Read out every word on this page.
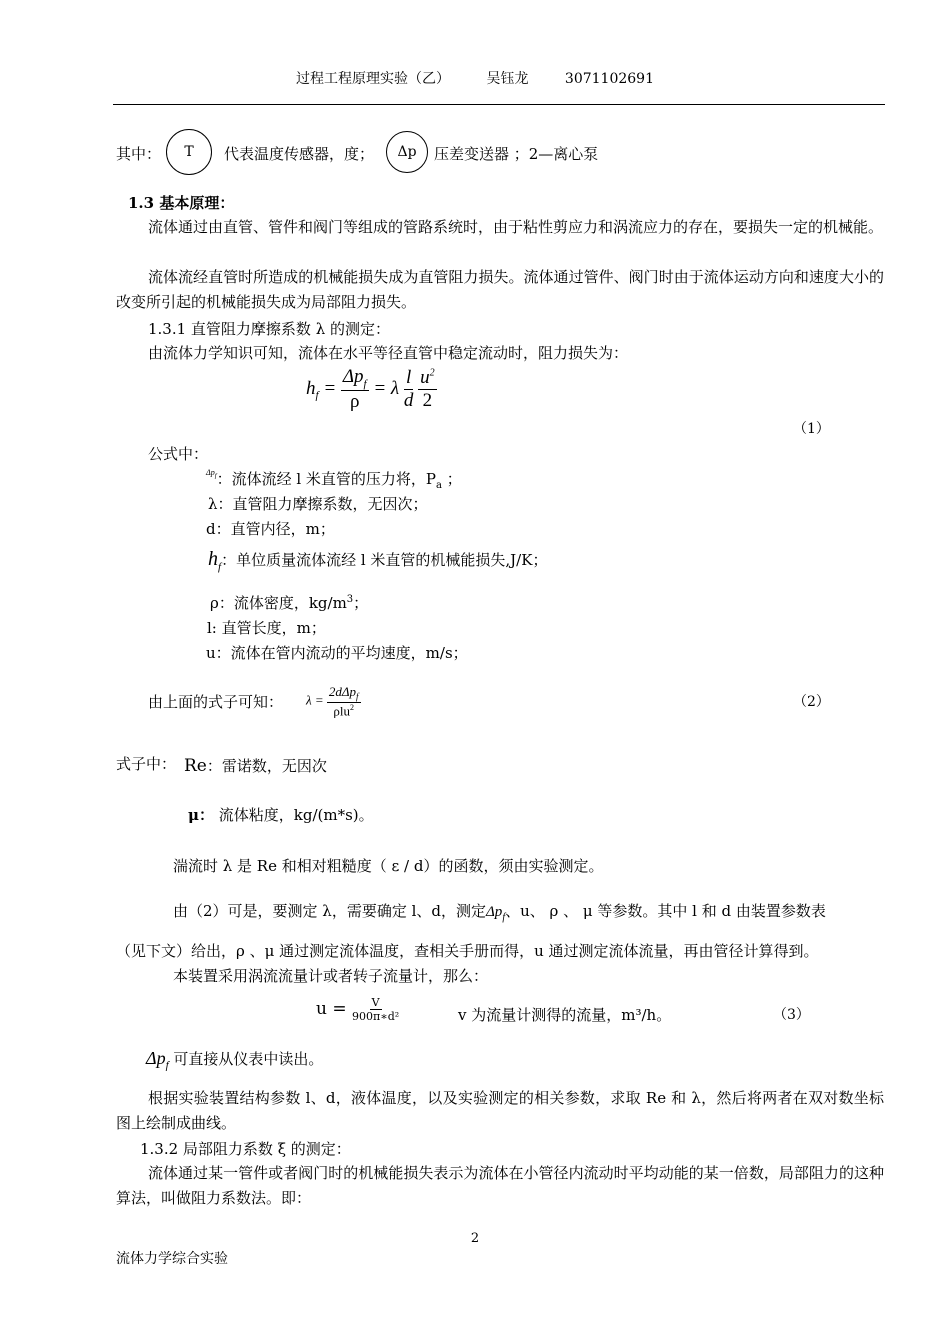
过程工程原理实验（乙）	吴钰龙	3071102691
其中： T 代表温度传感器，度； Δp 压差变送器 ；2—离心泵
1.3 基本原理：
流体通过由直管、管件和阀门等组成的管路系统时，由于粘性剪应力和涡流应力的存在，要损失一定的机械能。
流体流经直管时所造成的机械能损失成为直管阻力损失。流体通过管件、阀门时由于流体运动方向和速度大小的改变所引起的机械能损失成为局部阻力损失。
1.3.1 直管阻力摩擦系数 λ 的测定：
由流体力学知识可知，流体在水平等径直管中稳定流动时，阻力损失为：
$h_f = \frac{\Delta p_f}{\rho} = \lambda \frac{l}{d}$
$\frac{u^2}{2}$
（1）
公式中：
$^{\Delta p_f}$：流体流经 l 米直管的压力将，$P_a$ ；
λ：直管阻力摩擦系数，无因次；
d：直管内径，m；
$h_f$：单位质量流体流经 l 米直管的机械能损失,J/K；
ρ：流体密度，$kg/m^3$；
l: 直管长度，m；
u：流体在管内流动的平均速度，m/s；
由上面的式子可知： $\lambda = \frac{2d\Delta p_f}{\rho lu^2}$	（2）
式子中： Re：雷诺数，无因次
μ： 流体粘度，kg/(m*s)。
湍流时 λ 是 Re 和相对粗糙度（ ε / d）的函数，须由实验测定。
由（2）可是，要测定 λ，需要确定 l、d，测定$\Delta p_f$、u、 ρ 、 μ 等参数。其中 l 和 d 由装置参数表
（见下文）给出，ρ 、μ 通过测定流体温度，查相关手册而得，u 通过测定流体流量，再由管径计算得到。
本装置采用涡流流量计或者转子流量计，那么：
$u = \frac{V}{\text{900π∗d²}}$	v 为流量计测得的流量，m³/h。	（3）
$\Delta p_f$ 可直接从仪表中读出。
根据实验装置结构参数 l、d，液体温度，以及实验测定的相关参数，求取 Re 和 λ，然后将两者在双对数坐标图上绘制成曲线。
1.3.2 局部阻力系数 ξ 的测定：
流体通过某一管件或者阀门时的机械能损失表示为流体在小管径内流动时平均动能的某一倍数，局部阻力的这种算法，叫做阻力系数法。即：
2
流体力学综合实验
